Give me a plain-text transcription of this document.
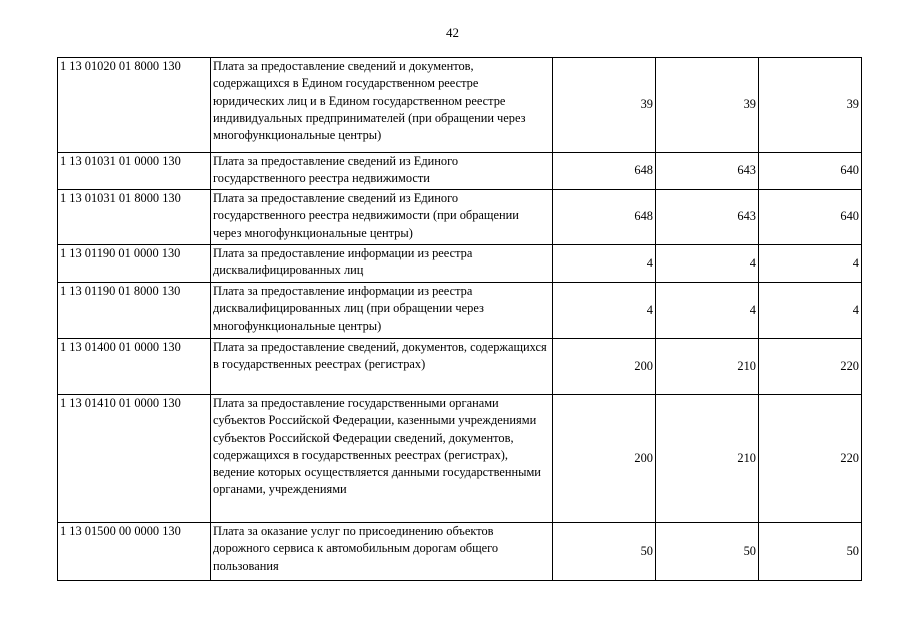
42
1 13 01020 01 8000 130	Плата за предоставление сведений и документов, содержащихся в Едином государственном реестре юридических лиц и в Едином государственном реестре индивидуальных предпринимателей (при обращении через многофункциональные центры)	39	39	39
1 13 01031 01 0000 130	Плата за предоставление сведений из Единого государственного реестра недвижимости	648	643	640
1 13 01031 01 8000 130	Плата за предоставление сведений из Единого государственного реестра недвижимости (при обращении через многофункциональные центры)	648	643	640
1 13 01190 01 0000 130	Плата за предоставление информации из реестра дисквалифицированных лиц	4	4	4
1 13 01190 01 8000 130	Плата за предоставление информации из реестра дисквалифицированных лиц (при обращении через многофункциональные центры)	4	4	4
1 13 01400 01 0000 130	Плата за предоставление сведений, документов, содержащихся в государственных реестрах (регистрах)	200	210	220
1 13 01410 01 0000 130	Плата за предоставление государственными органами субъектов Российской Федерации, казенными учреждениями субъектов Российской Федерации сведений, документов, содержащихся в государственных реестрах (регистрах), ведение которых осуществляется данными государственными органами, учреждениями	200	210	220
1 13 01500 00 0000 130	Плата за оказание услуг по присоединению объектов дорожного сервиса к автомобильным дорогам общего пользования	50	50	50
